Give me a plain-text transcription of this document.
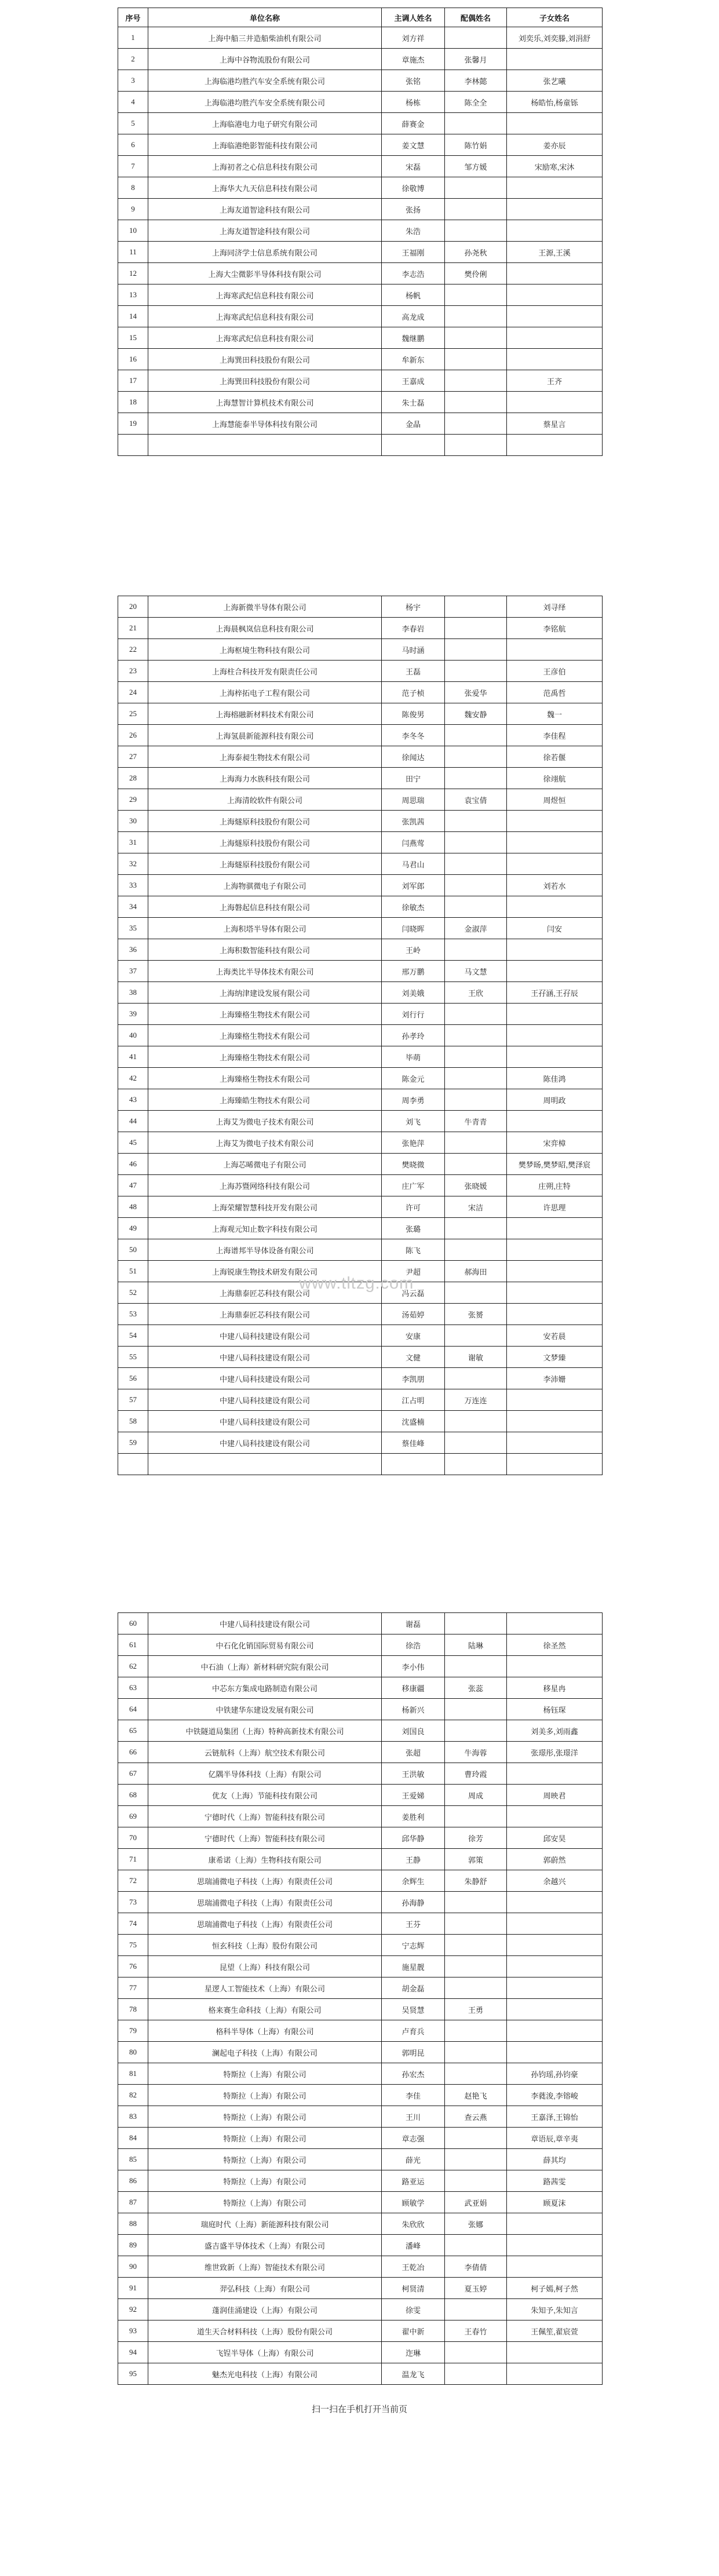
序号	单位名称	主调人姓名	配偶姓名	子女姓名
1	上海中船三井造船柴油机有限公司	刘方祥		刘奕乐,刘奕滕,刘涓舒
2	上海中谷物流股份有限公司	章施杰	张馨月	
3	上海临港均胜汽车安全系统有限公司	张铭	李林懿	张艺曦
4	上海临港均胜汽车安全系统有限公司	杨栋	陈全全	杨皓怡,杨童铄
5	上海临港电力电子研究有限公司	薛赛金		
6	上海临港绝影智能科技有限公司	姜文慧	陈竹娟	姜亦辰
7	上海初者之心信息科技有限公司	宋磊	邹方媛	宋励寒,宋沐
8	上海华大九天信息科技有限公司	徐敬博		
9	上海友道智途科技有限公司	张扬		
10	上海友道智途科技有限公司	朱浩		
11	上海同济学士信息系统有限公司	王福刚	孙尧秋	王源,王溪
12	上海大尘微影半导体科技有限公司	李志浩	樊伶俐	
13	上海寒武纪信息科技有限公司	杨帆		
14	上海寒武纪信息科技有限公司	高龙成		
15	上海寒武纪信息科技有限公司	魏继鹏		
16	上海巽田科技股份有限公司	牟新东		
17	上海巽田科技股份有限公司	王嘉成		王齐
18	上海慧智计算机技术有限公司	朱士磊		
19	上海慧能泰半导体科技有限公司	金晶		蔡星言

20	上海新微半导体有限公司	杨宇		刘寻绎
21	上海晨枫岚信息科技有限公司	李春岩		李铭航
22	上海枢境生物科技有限公司	马时涵		
23	上海柱合科技开发有限责任公司	王磊		王彦伯
24	上海梓拓电子工程有限公司	范子桢	张爱华	范禹哲
25	上海榕融新材料技术有限公司	陈俊男	魏安静	魏一
26	上海氢晨新能源科技有限公司	李冬冬		李佳程
27	上海泰昶生物技术有限公司	徐闻达		徐若偃
28	上海海力水族科技有限公司	田宁		徐翊航
29	上海清皎软件有限公司	周思瑞	袁宝倩	周煜恒
30	上海燧原科技股份有限公司	张凯茜		
31	上海燧原科技股份有限公司	闫燕莺		
32	上海燧原科技股份有限公司	马君山		
33	上海物骐微电子有限公司	刘军郎		刘若水
34	上海磐起信息科技有限公司	徐敏杰		
35	上海积塔半导体有限公司	闫晓晖	金淑萍	闫安
36	上海积数智能科技有限公司	王岭		
37	上海类比半导体技术有限公司	邢万鹏	马文慧	
38	上海纳津建设发展有限公司	刘美娥	王欣	王孖涵,王孖辰
39	上海臻格生物技术有限公司	刘行行		
40	上海臻格生物技术有限公司	孙孝玲		
41	上海臻格生物技术有限公司	毕萌		
42	上海臻格生物技术有限公司	陈金元		陈佳鸿
43	上海臻皓生物技术有限公司	周李勇		周明政
44	上海艾为微电子技术有限公司	刘飞	牛青青	
45	上海艾为微电子技术有限公司	张艳萍		宋弈樟
46	上海芯晞微电子有限公司	樊晓微		樊梦旸,樊梦昭,樊泽宸
47	上海苏暨网络科技有限公司	庄广军	张晓媛	庄朔,庄特
48	上海荣耀智慧科技开发有限公司	许可	宋洁	许思理
49	上海观元知止数字科技有限公司	张璐		
50	上海谱邦半导体设备有限公司	陈飞		
51	上海锐康生物技术研发有限公司	尹超	郝海田	
52	上海鼎泰匠芯科技有限公司	冯云磊		
53	上海鼎泰匠芯科技有限公司	汤茹婷	张赟	
54	中建八局科技建设有限公司	安康		安若晨
55	中建八局科技建设有限公司	文健	谢敏	文梦臻
56	中建八局科技建设有限公司	李凯朋		李沛姗
57	中建八局科技建设有限公司	江占明	万连连	
58	中建八局科技建设有限公司	沈盛楠		
59	中建八局科技建设有限公司	蔡佳峰		

60	中建八局科技建设有限公司	谢磊		
61	中石化化销国际贸易有限公司	徐浩	陆琳	徐圣然
62	中石油（上海）新材料研究院有限公司	李小伟		
63	中芯东方集成电路制造有限公司	移康疆	张蕊	移星冉
64	中铁建华东建设发展有限公司	杨新兴		杨钰琛
65	中铁隧道局集团（上海）特种高新技术有限公司	刘国良		刘美多,刘雨鑫
66	云链航科（上海）航空技术有限公司	张超	牛海蓉	张璟彤,张璟洋
67	亿隅半导体科技（上海）有限公司	王洪敏	曹玲霞	
68	优友（上海）节能科技有限公司	王爱娣	周成	周映君
69	宁德时代（上海）智能科技有限公司	姜胜利		
70	宁德时代（上海）智能科技有限公司	邱华静	徐芳	邱安昊
71	康希诺（上海）生物科技有限公司	王静	郭策	郭蔚然
72	思瑞浦微电子科技（上海）有限责任公司	余辉生	朱静舒	余越兴
73	思瑞浦微电子科技（上海）有限责任公司	孙海静		
74	思瑞浦微电子科技（上海）有限责任公司	王芬		
75	恒玄科技（上海）股份有限公司	宁志辉		
76	昆望（上海）科技有限公司	施星靓		
77	星逻人工智能技术（上海）有限公司	胡金磊		
78	格来赛生命科技（上海）有限公司	吴贤慧	王勇	
79	格科半导体（上海）有限公司	卢育兵		
80	澜起电子科技（上海）有限公司	郭明昆		
81	特斯拉（上海）有限公司	孙宏杰		孙钧瑶,孙钧豪
82	特斯拉（上海）有限公司	李佳	赵艳飞	李蕤浚,李镕峻
83	特斯拉（上海）有限公司	王川	查云燕	王嘉泽,王锦怡
84	特斯拉（上海）有限公司	章志强		章语辰,章辛夷
85	特斯拉（上海）有限公司	薛光		薛其均
86	特斯拉（上海）有限公司	路亚运		路茜雯
87	特斯拉（上海）有限公司	顾敏学	武亚娟	顾夏沫
88	瑞庭时代（上海）新能源科技有限公司	朱欣欣	张娜	
89	盛吉盛半导体技术（上海）有限公司	潘峰		
90	维世致新（上海）智能技术有限公司	王乾冶	李倩倩	
91	羿弘科技（上海）有限公司	柯贤清	夏玉婷	柯子嫣,柯子然
92	蓬润佳涌建设（上海）有限公司	徐雯		朱知予,朱知言
93	道生天合材料科技（上海）股份有限公司	翟中新	王春竹	王佩笙,翟宸萱
94	飞锃半导体（上海）有限公司	迮琳		
95	魅杰光电科技（上海）有限公司	温龙飞		
www.tltzg.com
扫一扫在手机打开当前页
